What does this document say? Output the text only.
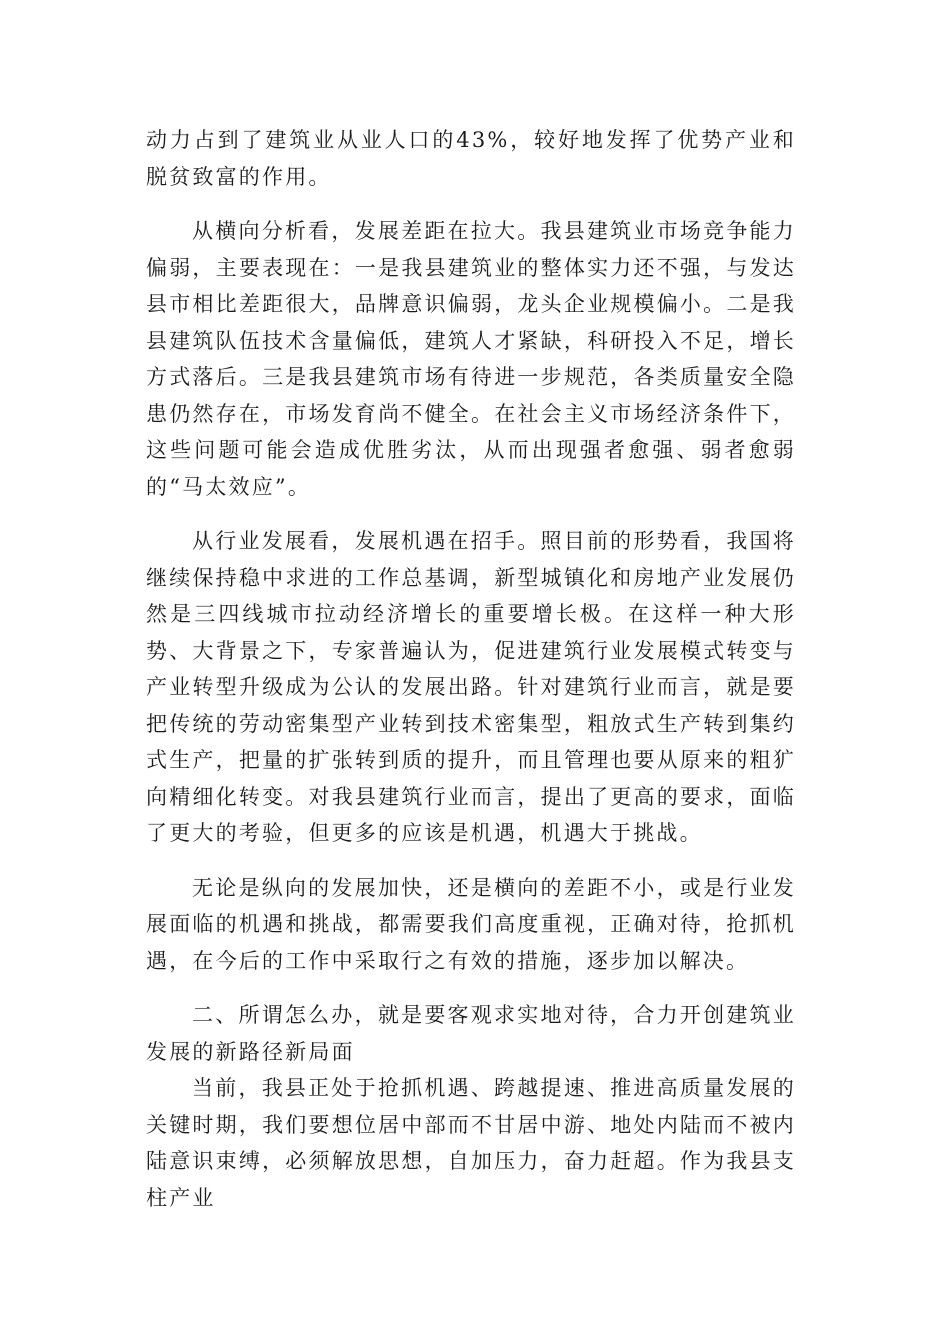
动力占到了建筑业从业人口的43%，较好地发挥了优势产业和脱贫致富的作用。

从横向分析看，发展差距在拉大。我县建筑业市场竞争能力偏弱，主要表现在：一是我县建筑业的整体实力还不强，与发达县市相比差距很大，品牌意识偏弱，龙头企业规模偏小。二是我县建筑队伍技术含量偏低，建筑人才紧缺，科研投入不足，增长方式落后。三是我县建筑市场有待进一步规范，各类质量安全隐患仍然存在，市场发育尚不健全。在社会主义市场经济条件下，这些问题可能会造成优胜劣汰，从而出现强者愈强、弱者愈弱的“马太效应”。

从行业发展看，发展机遇在招手。照目前的形势看，我国将继续保持稳中求进的工作总基调，新型城镇化和房地产业发展仍然是三四线城市拉动经济增长的重要增长极。在这样一种大形势、大背景之下，专家普遍认为，促进建筑行业发展模式转变与产业转型升级成为公认的发展出路。针对建筑行业而言，就是要把传统的劳动密集型产业转到技术密集型，粗放式生产转到集约式生产，把量的扩张转到质的提升，而且管理也要从原来的粗犷向精细化转变。对我县建筑行业而言，提出了更高的要求，面临了更大的考验，但更多的应该是机遇，机遇大于挑战。

无论是纵向的发展加快，还是横向的差距不小，或是行业发展面临的机遇和挑战，都需要我们高度重视，正确对待，抢抓机遇，在今后的工作中采取行之有效的措施，逐步加以解决。

二、所谓怎么办，就是要客观求实地对待，合力开创建筑业发展的新路径新局面

当前，我县正处于抢抓机遇、跨越提速、推进高质量发展的关键时期，我们要想位居中部而不甘居中游、地处内陆而不被内陆意识束缚，必须解放思想，自加压力，奋力赶超。作为我县支柱产业
